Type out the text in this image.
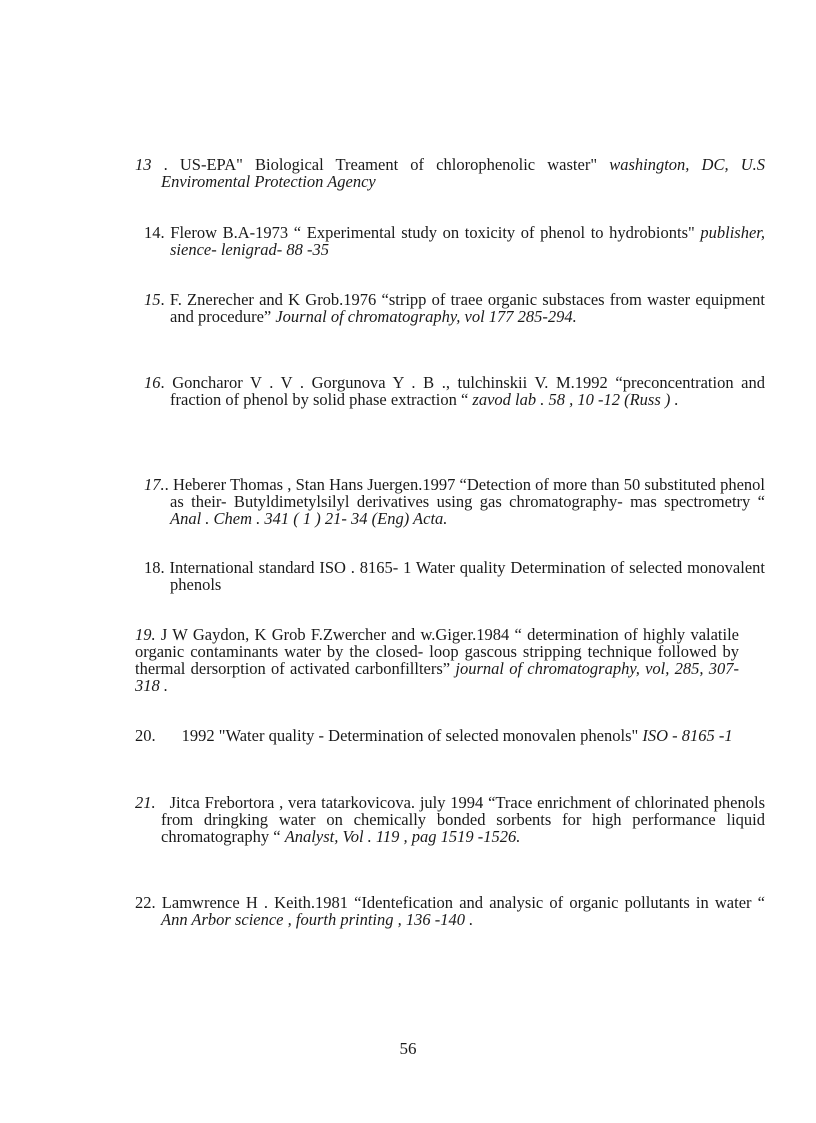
13 . US-EPA" Biological Treament of chlorophenolic waster" washington, DC, U.S Enviromental Protection Agency
14. Flerow B.A-1973 “ Experimental study on toxicity of phenol to hydrobionts" publisher, sience- lenigrad- 88 -35
15. F. Znerecher and K Grob.1976 “stripp of traee organic substaces from waster equipment and procedure” Journal of chromatography, vol 177 285-294.
16. Goncharor V . V . Gorgunova Y . B ., tulchinskii V. M.1992 “preconcentration and fraction of phenol by solid phase extraction “ zavod lab . 58 , 10 -12 (Russ ) .
17.. Heberer Thomas , Stan Hans Juergen.1997 “Detection of more than 50 substituted phenol as their- Butyldimetylsilyl derivatives using gas chromatography- mas spectrometry “ Anal . Chem . 341 ( 1 ) 21- 34 (Eng) Acta.
18. International standard ISO . 8165- 1 Water quality Determination of selected monovalent phenols
19. J W Gaydon, K Grob F.Zwercher and w.Giger.1984 “ determination of highly valatile organic contaminants water by the closed- loop gascous stripping technique followed by thermal dersorption of activated carbonfillters” journal of chromatography, vol, 285, 307- 318 .
20. 1992 "Water quality - Determination of selected monovalen phenols" ISO - 8165 -1
21. Jitca Frebortora , vera tatarkovicova. july 1994 “Trace enrichment of chlorinated phenols from dringking water on chemically bonded sorbents for high performance liquid chromatography “ Analyst, Vol . 119 , pag 1519 -1526.
22. Lamwrence H . Keith.1981 “Identefication and analysic of organic pollutants in water “ Ann Arbor science , fourth printing , 136 -140 .
56
